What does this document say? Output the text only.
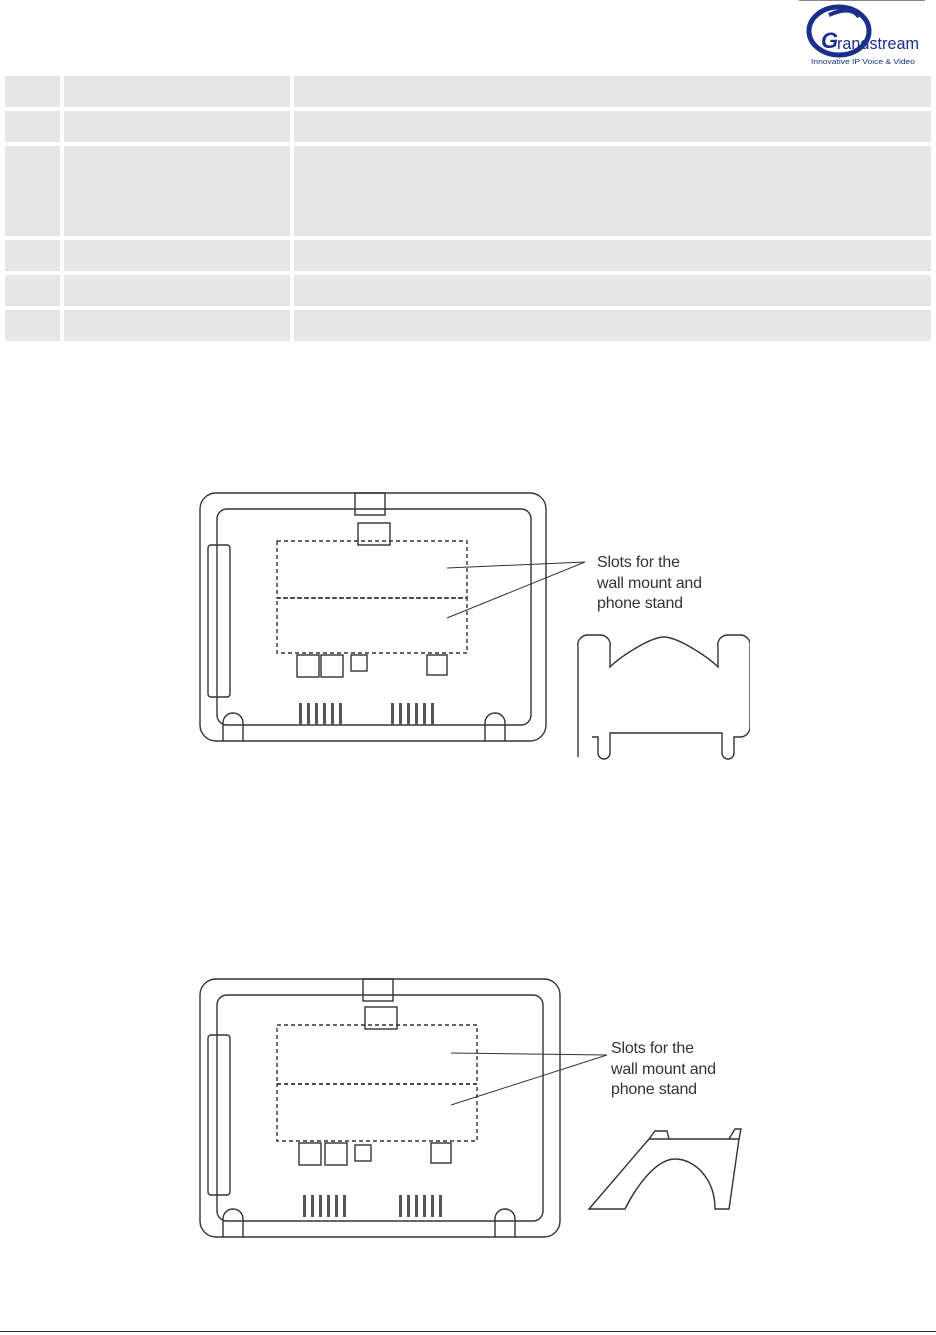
G
randstream
Innovative IP Voice & Video
Slots for the
wall mount and
phone stand
Slots for the
wall mount and
phone stand
